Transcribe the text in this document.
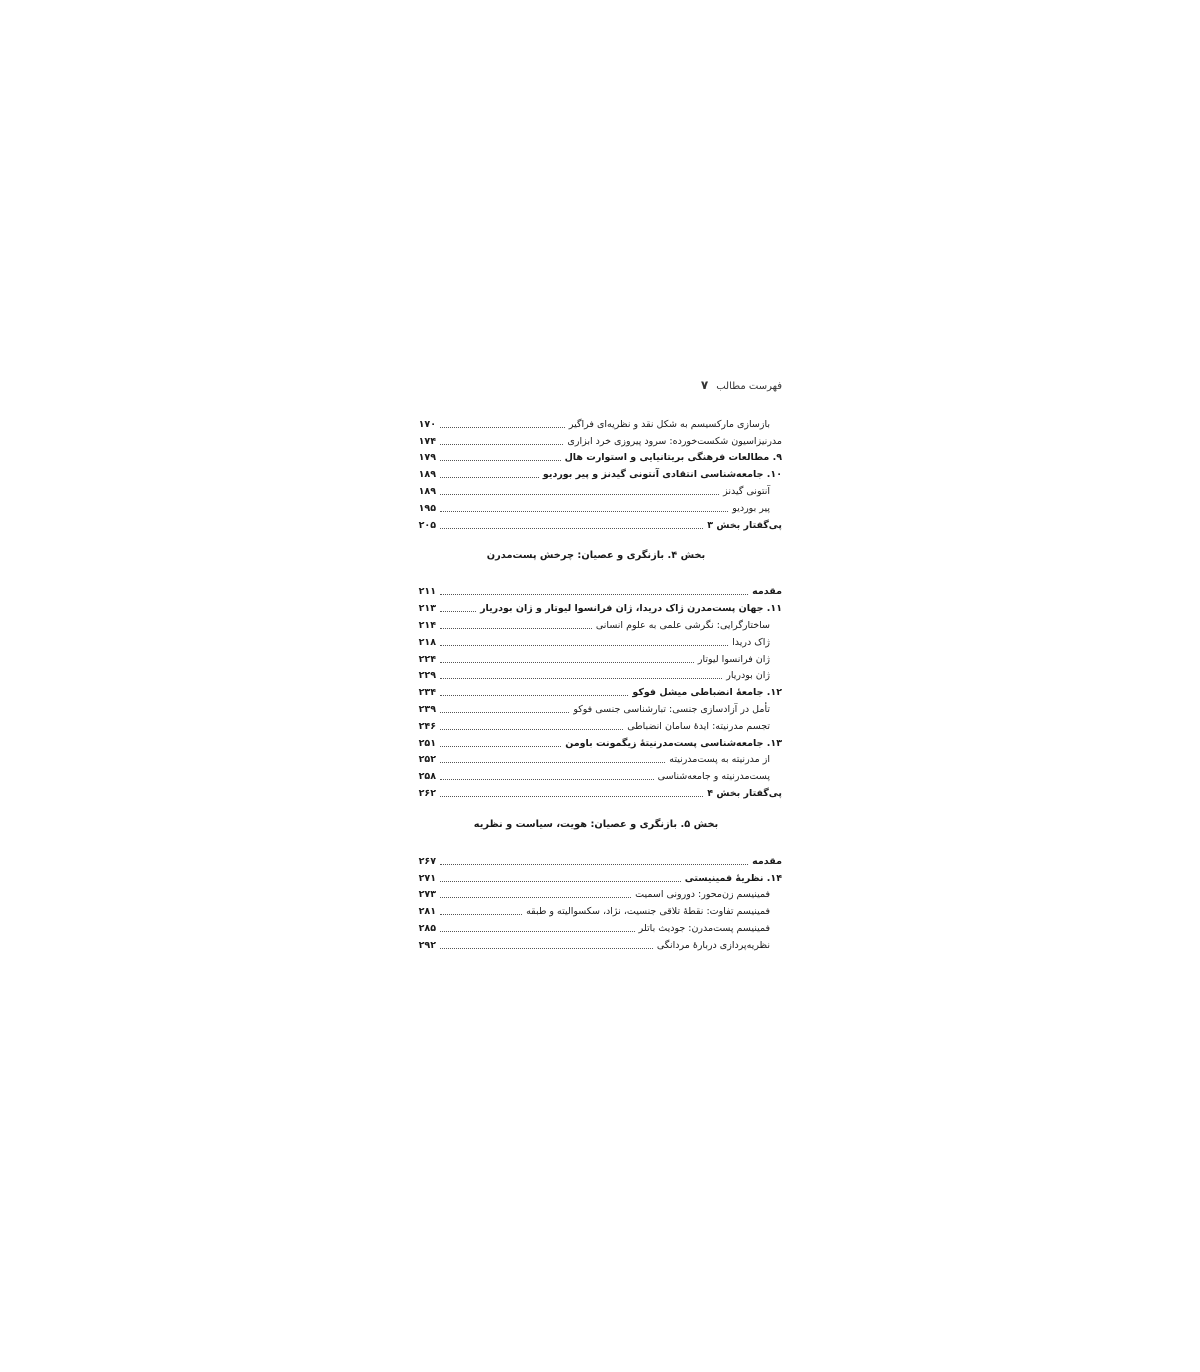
فهرست مطالب
۷
بازسازی مارکسیسم به شکل نقد و نظریه‌ای فراگیر
۱۷۰
مدرنیزاسیون شکست‌خورده: سرود پیروزی خرد ابزاری
۱۷۴
۹. مطالعات فرهنگی بریتانیایی و استوارت هال
۱۷۹
۱۰. جامعه‌شناسی انتقادی آنتونی گیدنز و پیر بوردیو
۱۸۹
آنتونی گیدنز
۱۸۹
پیر بوردیو
۱۹۵
پی‌گفتار بخش ۳
۲۰۵
بخش ۴. بازنگری و عصیان: چرخش پست‌مدرن
مقدمه
۲۱۱
۱۱. جهان پست‌مدرن ژاک دریدا، ژان فرانسوا لیوتار و ژان بودریار
۲۱۳
ساختارگرایی: نگرشی علمی به علوم انسانی
۲۱۴
ژاک دریدا
۲۱۸
ژان فرانسوا لیوتار
۲۲۴
ژان بودریار
۲۲۹
۱۲. جامعهٔ انضباطی میشل فوکو
۲۳۴
تأمل در آزادسازی جنسی: تبارشناسی جنسی فوکو
۲۳۹
تجسم مدرنیته: ایدهٔ سامان انضباطی
۲۴۶
۱۳. جامعه‌شناسی پست‌مدرنیتهٔ زیگمونت باومن
۲۵۱
از مدرنیته به پست‌مدرنیته
۲۵۲
پست‌مدرنیته و جامعه‌شناسی
۲۵۸
پی‌گفتار بخش ۴
۲۶۲
بخش ۵. بازنگری و عصیان: هویت، سیاست و نظریه
مقدمه
۲۶۷
۱۴. نظریهٔ فمینیستی
۲۷۱
فمینیسم زن‌محور: دورونی اسمیت
۲۷۳
فمینیسم تفاوت: نقطهٔ تلاقی جنسیت، نژاد، سکسوالیته و طبقه
۲۸۱
فمینیسم پست‌مدرن: جودیث باتلر
۲۸۵
نظریه‌پردازی دربارهٔ مردانگی
۲۹۲
